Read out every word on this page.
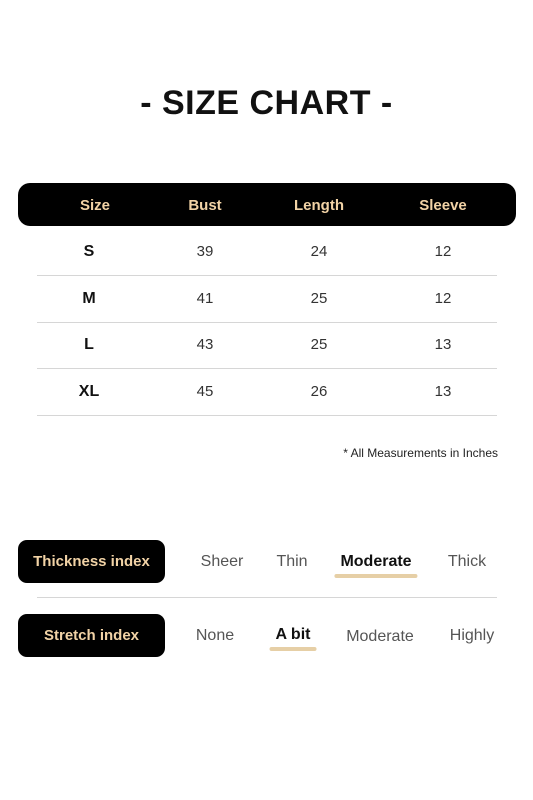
- SIZE CHART -
Size	Bust	Length	Sleeve
S	39	24	12
M	41	25	12
L	43	25	13
XL	45	26	13
* All Measurements in Inches
Thickness index	Sheer Thin Moderate Thick
Stretch index	None	A bit Moderate Highly
